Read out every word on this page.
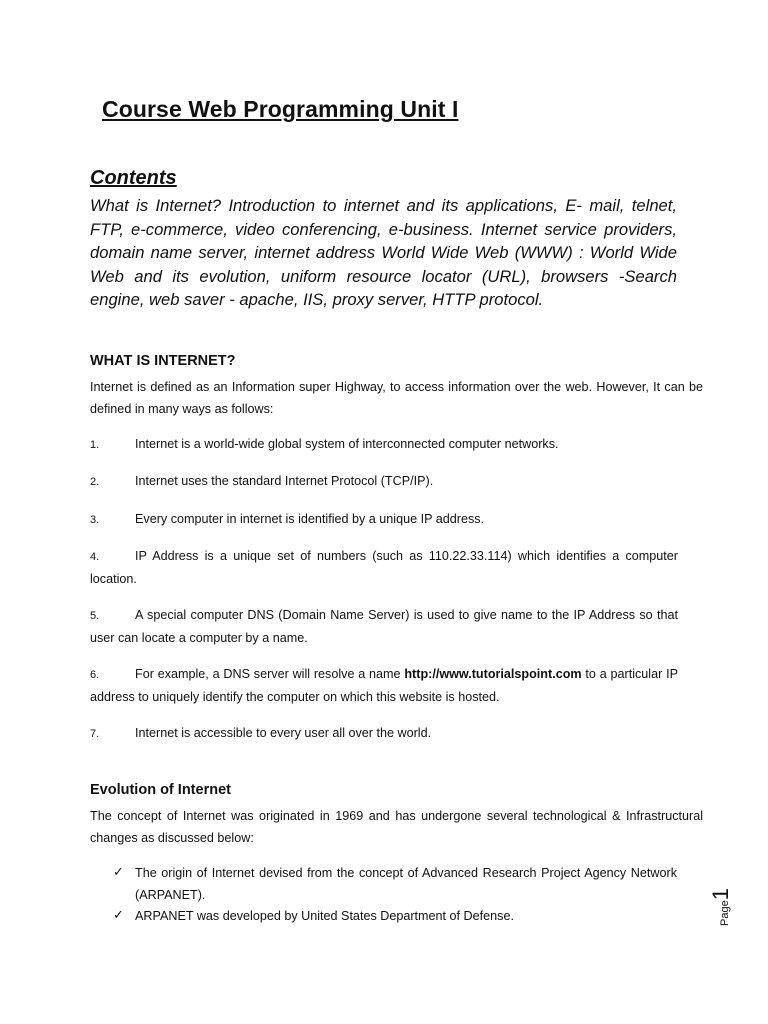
Course Web Programming Unit I
Contents
What is Internet? Introduction to internet and its applications, E- mail, telnet, FTP, e-commerce, video conferencing, e-business. Internet service providers, domain name server, internet address World Wide Web (WWW) : World Wide Web and its evolution, uniform resource locator (URL), browsers -Search engine, web saver - apache, IIS, proxy server, HTTP protocol.
WHAT IS INTERNET?
Internet is defined as an Information super Highway, to access information over the web. However, It can be defined in many ways as follows:
1.	Internet is a world-wide global system of interconnected computer networks.
2.	Internet uses the standard Internet Protocol (TCP/IP).
3.	Every computer in internet is identified by a unique IP address.
4.	IP Address is a unique set of numbers (such as 110.22.33.114) which identifies a computer location.
5.	A special computer DNS (Domain Name Server) is used to give name to the IP Address so that user can locate a computer by a name.
6.	For example, a DNS server will resolve a name http://www.tutorialspoint.com to a particular IP address to uniquely identify the computer on which this website is hosted.
7.	Internet is accessible to every user all over the world.
Evolution of Internet
The concept of Internet was originated in 1969 and has undergone several technological & Infrastructural changes as discussed below:
✓ The origin of Internet devised from the concept of Advanced Research Project Agency Network (ARPANET).
✓ ARPANET was developed by United States Department of Defense.	Page1
